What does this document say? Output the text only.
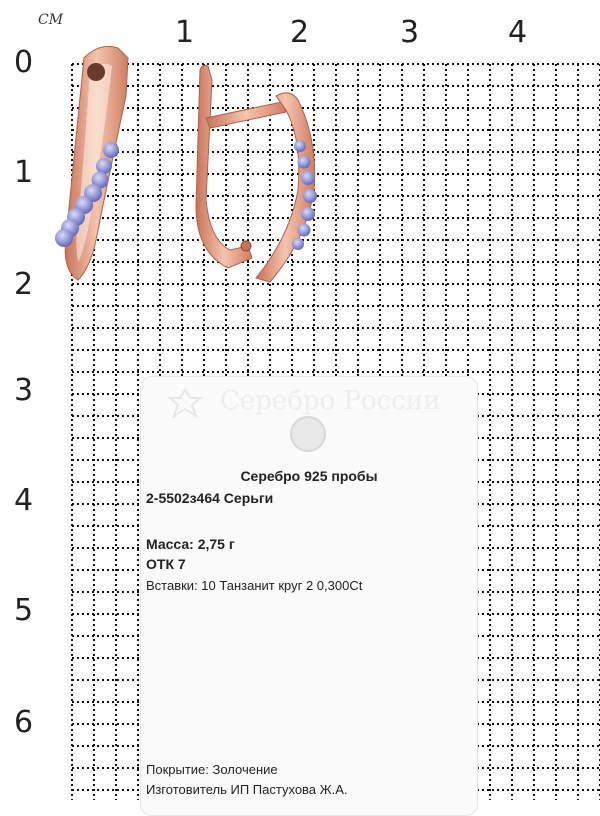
СМ	1	2	3	4
0
1
2
3
4
5
6
Серебро России
Серебро 925 пробы
2-5502з464 Серьги
Масса: 2,75 г
ОТК 7
Вставки: 10 Танзанит круг 2 0,300Ct
Покрытие: Золочение
Изготовитель ИП Пастухова Ж.А.
